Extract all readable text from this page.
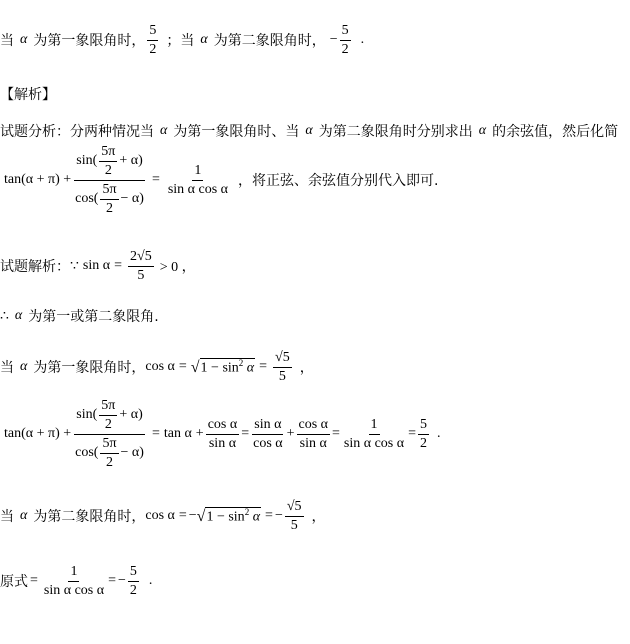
当 α 为第一象限角时， $\frac{5}{2}$ ；当 α 为第二象限角时， − $\frac{5}{2}$ .
【解析】
试题分析：分两种情况当 α 为第一象限角时、当 α 为第二象限角时分别求出 α 的余弦值，然后化简
$\tan(\alpha + \pi) + \frac{\sin( \frac{5\pi}{2} + \alpha)}{\cos( \frac{5\pi}{2} - \alpha)} = \frac{1}{\text{sin α cos α}}$ ，将正弦、余弦值分别代入即可.
试题解析： ∵ $\sin \alpha = \frac{2√5}{5} > 0$ ，
∴ α 为第一或第二象限角.
当 α 为第一象限角时， cos α = √ $1 - \sin^2 \alpha = \frac{√5}{5}$ ，
$\tan(\alpha + \pi) + \frac{\sin( \frac{5\pi}{2} + \alpha)}{\cos( \frac{5\pi}{2} - \alpha)} = \tan \alpha + \frac{\text{cos α}}{\text{sin α}} = \frac{\text{sin α}}{\text{cos α}} + \frac{\text{cos α}}{\text{sin α}} = \frac{1}{\text{sin α cos α}} = \frac{5}{2}$ .
当 α 为第二象限角时， cos α = − √ $1 - \sin^2 \alpha$ = − $\frac{√5}{5}$ ，
原式 = $\frac{1}{\text{sin α cos α}}$ = − $\frac{5}{2}$ .
